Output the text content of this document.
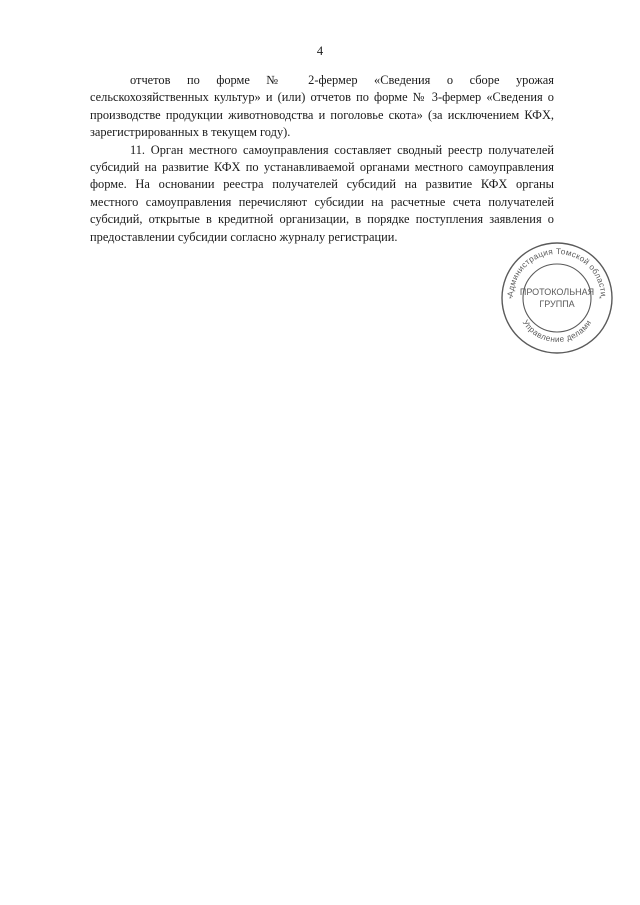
4

отчетов по форме № 2-фермер «Сведения о сборе урожая сельскохозяйственных культур» и (или) отчетов по форме № 3-фермер «Сведения о производстве продукции животноводства и поголовье скота» (за исключением КФХ, зарегистрированных в текущем году).

11. Орган местного самоуправления составляет сводный реестр получателей субсидий на развитие КФХ по устанавливаемой органами местного самоуправления форме. На основании реестра получателей субсидий на развитие КФХ органы местного самоуправления перечисляют субсидии на расчетные счета получателей субсидий, открытые в кредитной организации, в порядке поступления заявления о предоставлении субсидии согласно журналу регистрации.

Администрация Томской области
Управление делами
*	*
ПРОТОКОЛЬНАЯ
ГРУППА
